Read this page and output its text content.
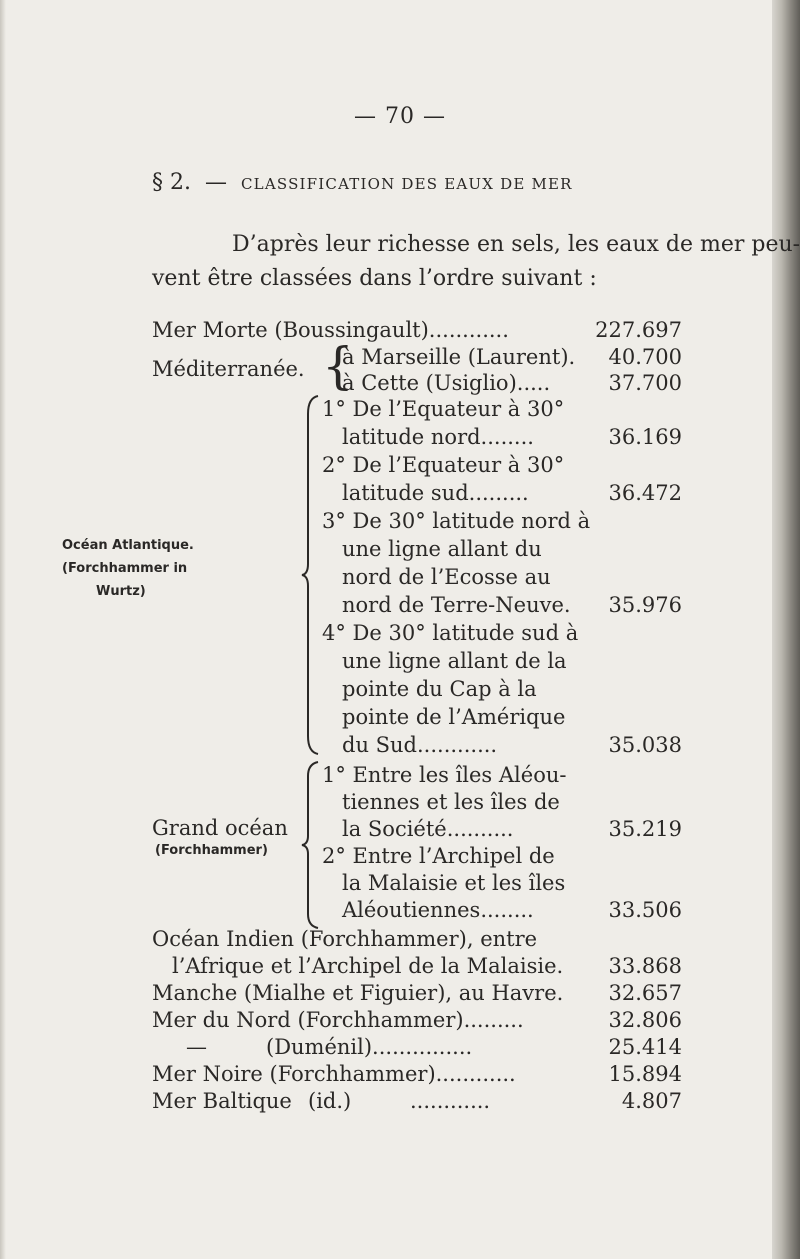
— 70 —
§ 2. — CLASSIFICATION DES EAUX DE MER
D’après leur richesse en sels, les eaux de mer peu-
vent être classées dans l’ordre suivant :
Mer Morte (Boussingault)............	227.697
Méditerranée. {
à Marseille (Laurent).	40.700
à Cette (Usiglio).....	37.700
Océan Atlantique.
(Forchhammer in
Wurtz)
1° De l’Equateur à 30°
latitude nord........	36.169
2° De l’Equateur à 30°
latitude sud.........	36.472
3° De 30° latitude nord à
une ligne allant du
nord de l’Ecosse au
nord de Terre-Neuve.	35.976
4° De 30° latitude sud à
une ligne allant de la
pointe du Cap à la
pointe de l’Amérique
du Sud............	35.038
Grand océan
(Forchhammer)
1° Entre les îles Aléou-
tiennes et les îles de
la Société..........	35.219
2° Entre l’Archipel de
la Malaisie et les îles
Aléoutiennes........	33.506
Océan Indien (Forchhammer), entre
l’Afrique et l’Archipel de la Malaisie.	33.868
Manche (Mialhe et Figuier), au Havre.	32.657
Mer du Nord (Forchhammer).........	32.806
—	(Duménil)...............	25.414
Mer Noire (Forchhammer)............	15.894
Mer Baltique (id.)	............	4.807
